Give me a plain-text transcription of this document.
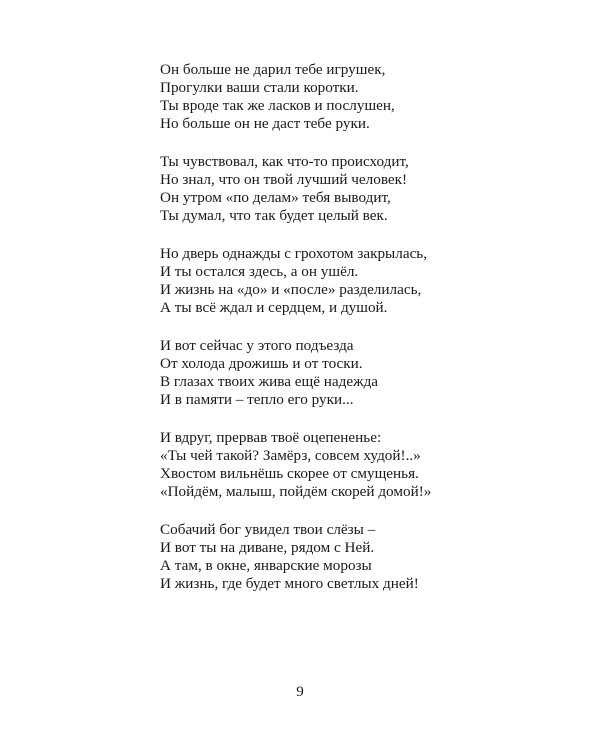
Он больше не дарил тебе игрушек,
Прогулки ваши стали коротки.
Ты вроде так же ласков и послушен,
Но больше он не даст тебе руки.
Ты чувствовал, как что-то происходит,
Но знал, что он твой лучший человек!
Он утром «по делам» тебя выводит,
Ты думал, что так будет целый век.
Но дверь однажды с грохотом закрылась,
И ты остался здесь, а он ушёл.
И жизнь на «до» и «после» разделилась,
А ты всё ждал и сердцем, и душой.
И вот сейчас у этого подъезда
От холода дрожишь и от тоски.
В глазах твоих жива ещё надежда
И в памяти – тепло его руки...
И вдруг, прервав твоё оцепененье:
«Ты чей такой? Замёрз, совсем худой!..»
Хвостом вильнёшь скорее от смущенья.
«Пойдём, малыш, пойдём скорей домой!»
Собачий бог увидел твои слёзы –
И вот ты на диване, рядом с Ней.
А там, в окне, январские морозы
И жизнь, где будет много светлых дней!
9
